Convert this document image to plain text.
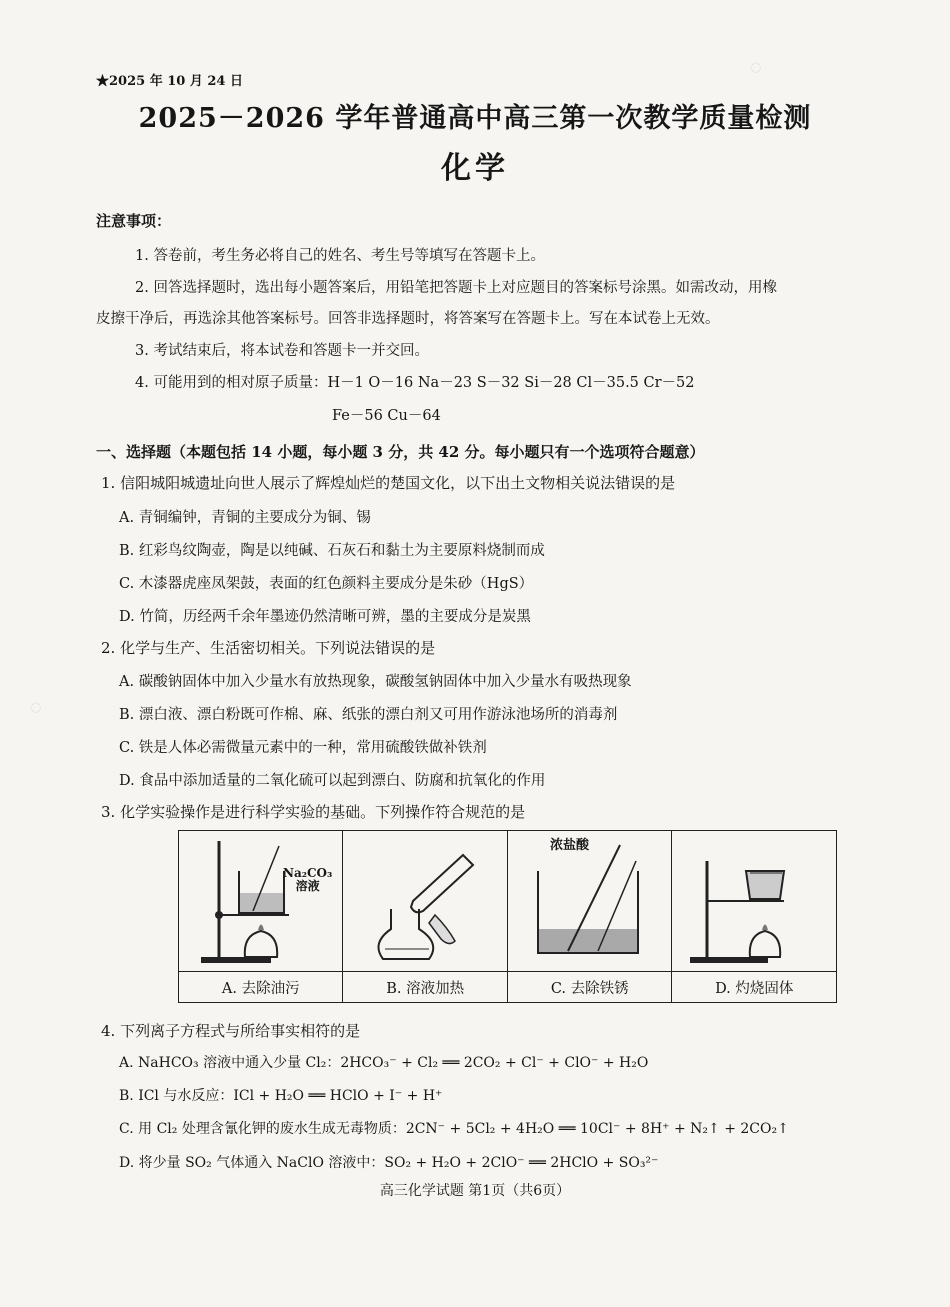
◌
◌
★2025 年 10 月 24 日
2025－2026 学年普通高中高三第一次教学质量检测
化学
注意事项：
1. 答卷前，考生务必将自己的姓名、考生号等填写在答题卡上。
2. 回答选择题时，选出每小题答案后，用铅笔把答题卡上对应题目的答案标号涂黑。如需改动，用橡
皮擦干净后，再选涂其他答案标号。回答非选择题时，将答案写在答题卡上。写在本试卷上无效。
3. 考试结束后，将本试卷和答题卡一并交回。
4. 可能用到的相对原子质量：H－1 O－16 Na－23 S－32 Si－28 Cl－35.5 Cr－52
Fe－56 Cu－64
一、选择题（本题包括 14 小题，每小题 3 分，共 42 分。每小题只有一个选项符合题意）
1. 信阳城阳城遗址向世人展示了辉煌灿烂的楚国文化，以下出土文物相关说法错误的是
A. 青铜编钟，青铜的主要成分为铜、锡
B. 红彩鸟纹陶壶，陶是以纯碱、石灰石和黏土为主要原料烧制而成
C. 木漆器虎座凤架鼓，表面的红色颜料主要成分是朱砂（HgS）
D. 竹简，历经两千余年墨迹仍然清晰可辨，墨的主要成分是炭黑
2. 化学与生产、生活密切相关。下列说法错误的是
A. 碳酸钠固体中加入少量水有放热现象，碳酸氢钠固体中加入少量水有吸热现象
B. 漂白液、漂白粉既可作棉、麻、纸张的漂白剂又可用作游泳池场所的消毒剂
C. 铁是人体必需微量元素中的一种，常用硫酸铁做补铁剂
D. 食品中添加适量的二氧化硫可以起到漂白、防腐和抗氧化的作用
3. 化学实验操作是进行科学实验的基础。下列操作符合规范的是
Na₂CO₃
溶液		浓盐酸

A. 去除油污	B. 溶液加热	C. 去除铁锈	D. 灼烧固体
4. 下列离子方程式与所给事实相符的是
A. NaHCO₃ 溶液中通入少量 Cl₂：2HCO₃⁻ + Cl₂ ══ 2CO₂ + Cl⁻ + ClO⁻ + H₂O
B. ICl 与水反应：ICl + H₂O ══ HClO + I⁻ + H⁺
C. 用 Cl₂ 处理含氰化钾的废水生成无毒物质：2CN⁻ + 5Cl₂ + 4H₂O ══ 10Cl⁻ + 8H⁺ + N₂↑ + 2CO₂↑
D. 将少量 SO₂ 气体通入 NaClO 溶液中：SO₂ + H₂O + 2ClO⁻ ══ 2HClO + SO₃²⁻
高三化学试题 第1页（共6页）
